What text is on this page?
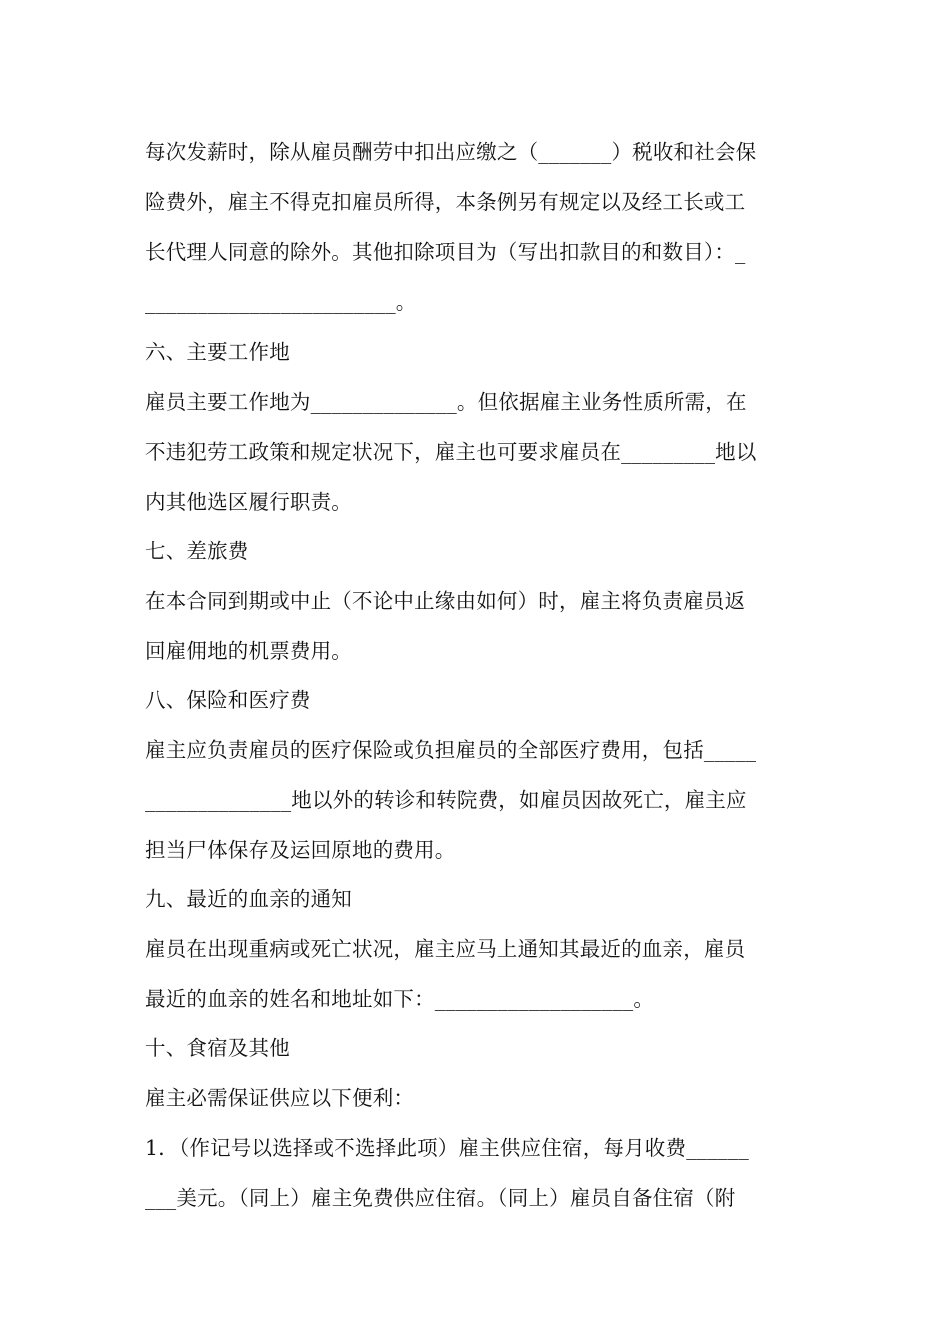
每次发薪时，除从雇员酬劳中扣出应缴之（_______）税收和社会保
险费外，雇主不得克扣雇员所得，本条例另有规定以及经工长或工
长代理人同意的除外。其他扣除项目为（写出扣款目的和数目）：_
________________________。
六、主要工作地
雇员主要工作地为______________。但依据雇主业务性质所需，在
不违犯劳工政策和规定状况下，雇主也可要求雇员在_________地以
内其他选区履行职责。
七、差旅费
在本合同到期或中止（不论中止缘由如何）时，雇主将负责雇员返
回雇佣地的机票费用。
八、保险和医疗费
雇主应负责雇员的医疗保险或负担雇员的全部医疗费用，包括_____
______________地以外的转诊和转院费，如雇员因故死亡，雇主应
担当尸体保存及运回原地的费用。
九、最近的血亲的通知
雇员在出现重病或死亡状况，雇主应马上通知其最近的血亲，雇员
最近的血亲的姓名和地址如下：___________________。
十、食宿及其他
雇主必需保证供应以下便利：
1．（作记号以选择或不选择此项）雇主供应住宿，每月收费______
___美元。（同上）雇主免费供应住宿。（同上）雇员自备住宿（附
